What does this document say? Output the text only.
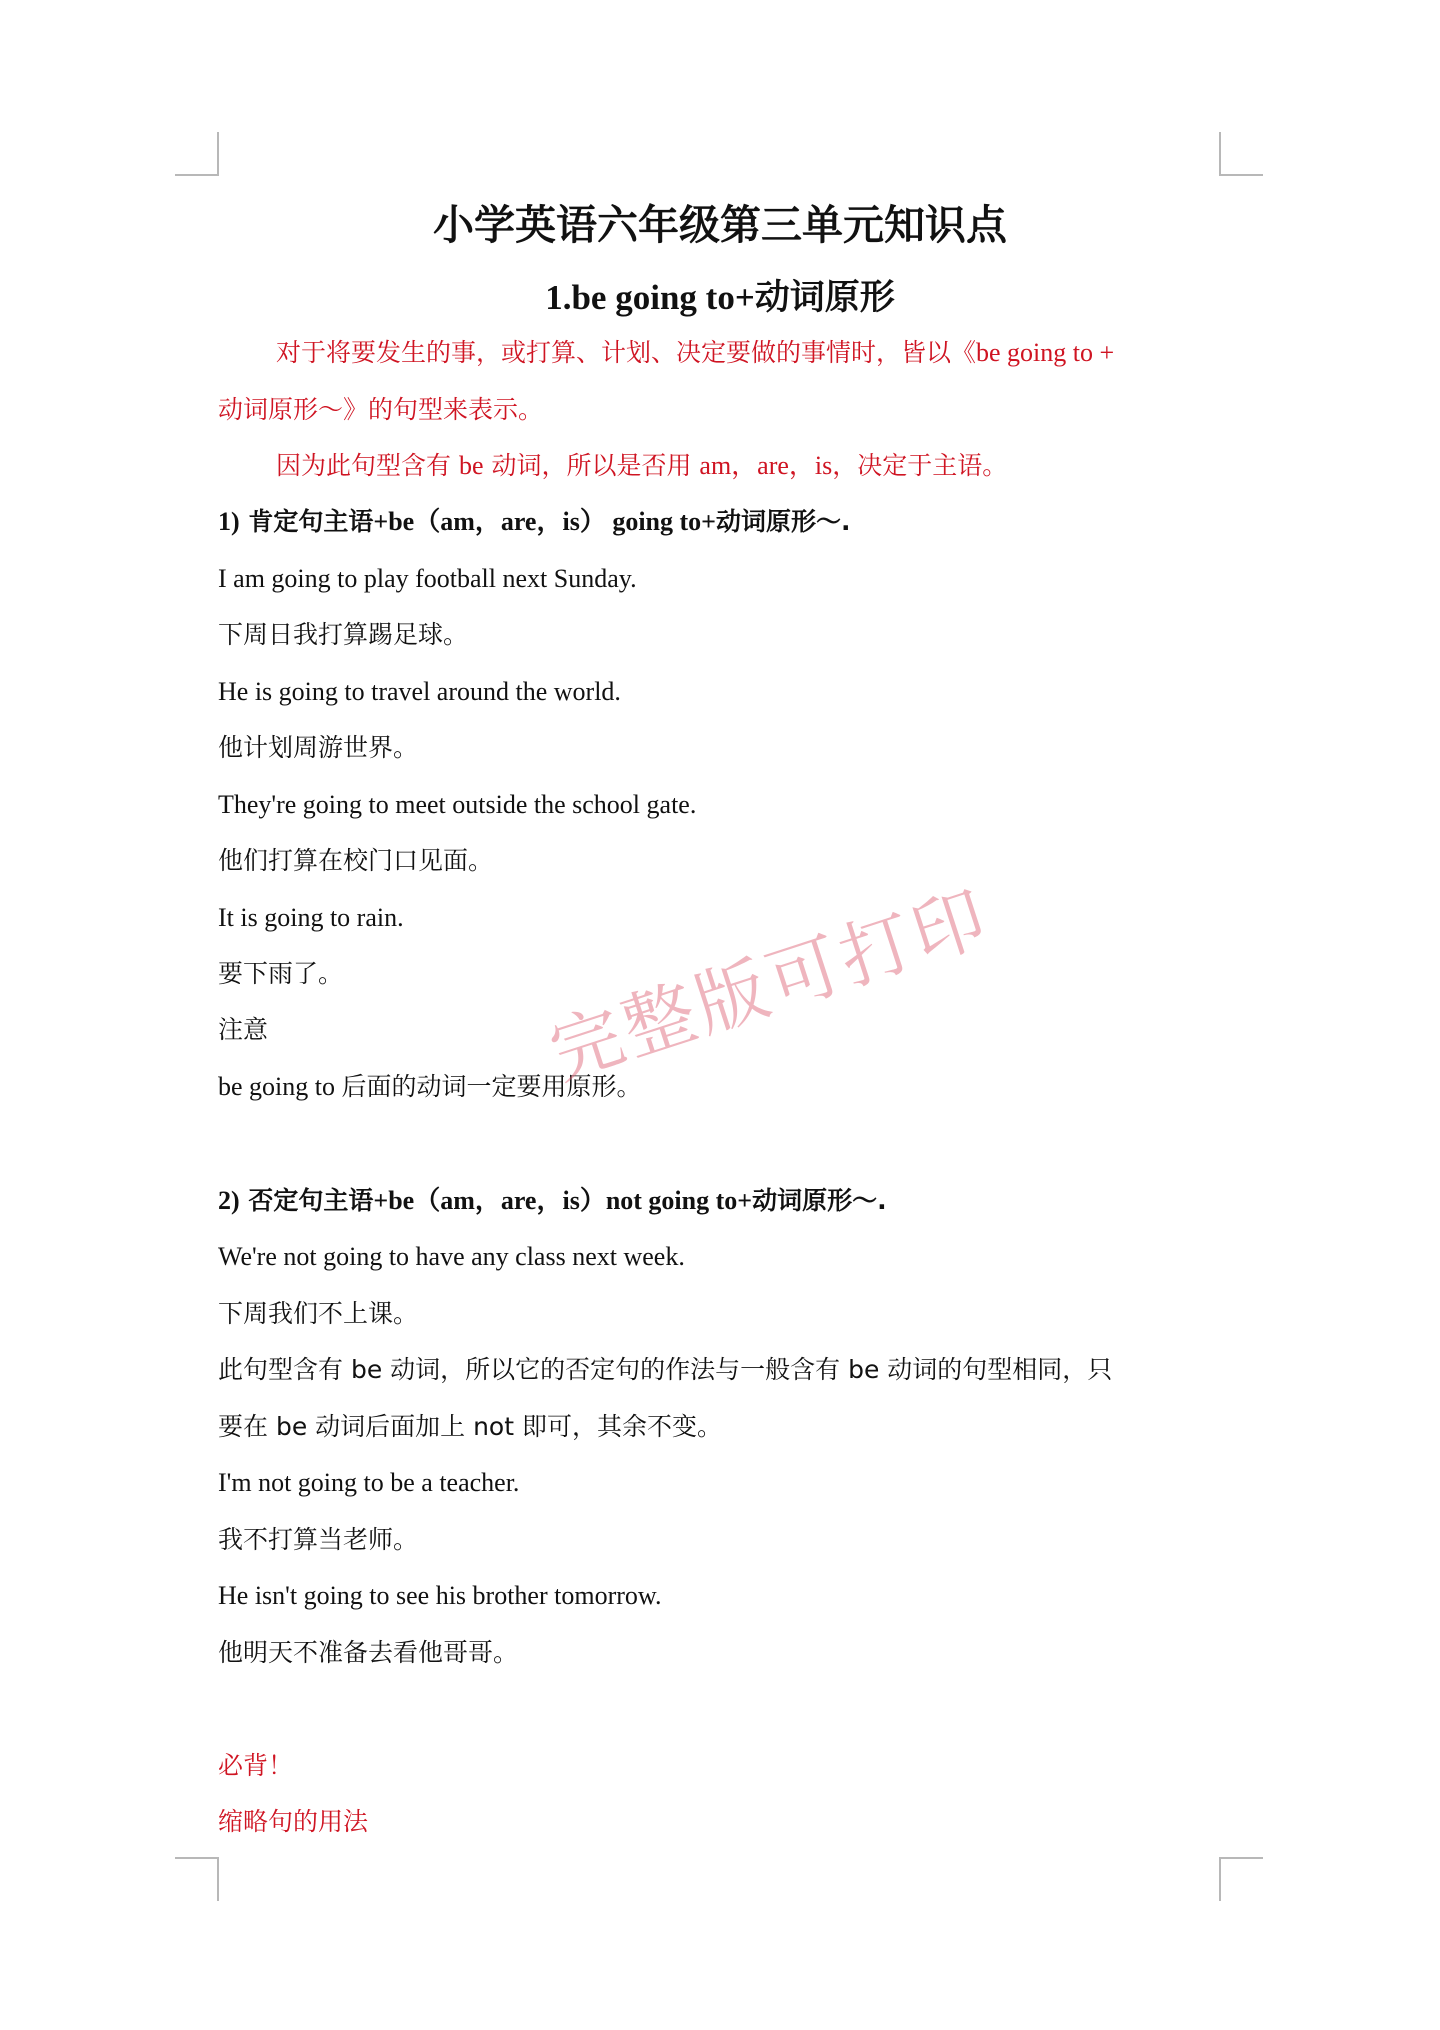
小学英语六年级第三单元知识点
1.be going to+动词原形
对于将要发生的事，或打算、计划、决定要做的事情时，皆以《be going to +
动词原形～》的句型来表示。
因为此句型含有 be 动词，所以是否用 am，are，is，决定于主语。
1) 肯定句主语+be（am，are，is） going to+动词原形～.
I am going to play football next Sunday.
下周日我打算踢足球。
He is going to travel around the world.
他计划周游世界。
They're going to meet outside the school gate.
他们打算在校门口见面。
It is going to rain.
要下雨了。
注意
be going to 后面的动词一定要用原形。
2) 否定句主语+be（am，are，is）not going to+动词原形～.
We're not going to have any class next week.
下周我们不上课。
此句型含有 be 动词，所以它的否定句的作法与一般含有 be 动词的句型相同，只
要在 be 动词后面加上 not 即可，其余不变。
I'm not going to be a teacher.
我不打算当老师。
He isn't going to see his brother tomorrow.
他明天不准备去看他哥哥。
必背！
缩略句的用法
完整版可打印
